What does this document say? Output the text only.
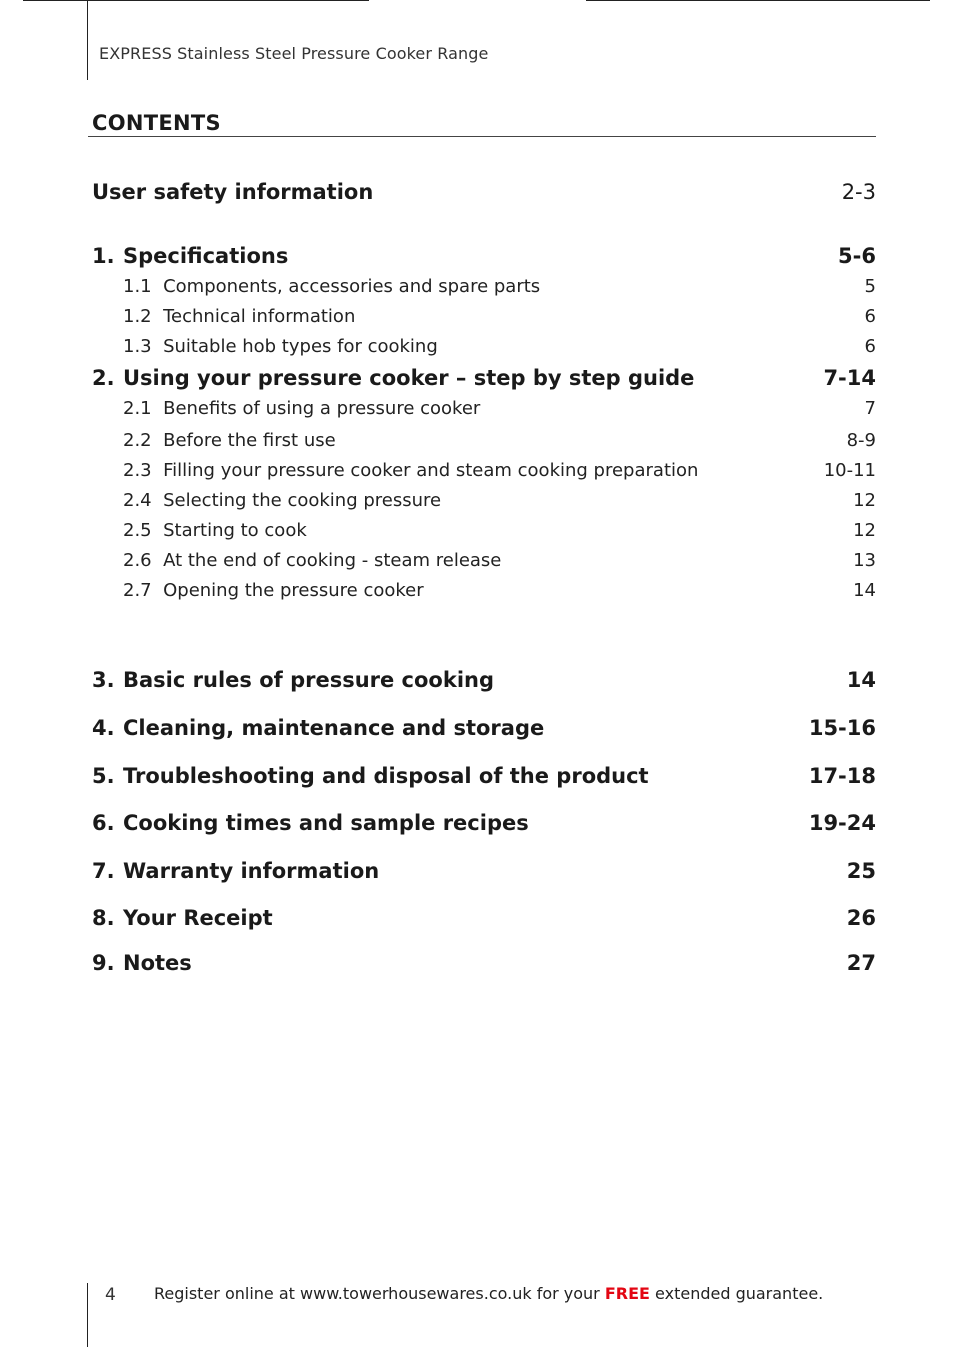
EXPRESS Stainless Steel Pressure Cooker Range
CONTENTS
User safety information	2-3
1. Specifications	5-6
1.1 Components, accessories and spare parts	5
1.2 Technical information	6
1.3 Suitable hob types for cooking	6
2. Using your pressure cooker – step by step guide	7-14
2.1 Benefits of using a pressure cooker	7
2.2 Before the first use	8-9
2.3 Filling your pressure cooker and steam cooking preparation	10-11
2.4 Selecting the cooking pressure	12
2.5 Starting to cook	12
2.6 At the end of cooking - steam release	13
2.7 Opening the pressure cooker	14
3. Basic rules of pressure cooking	14
4. Cleaning, maintenance and storage	15-16
5. Troubleshooting and disposal of the product	17-18
6. Cooking times and sample recipes	19-24
7. Warranty information	25
8. Your Receipt	26
9. Notes	27
4 Register online at www.towerhousewares.co.uk for your FREE extended guarantee.
